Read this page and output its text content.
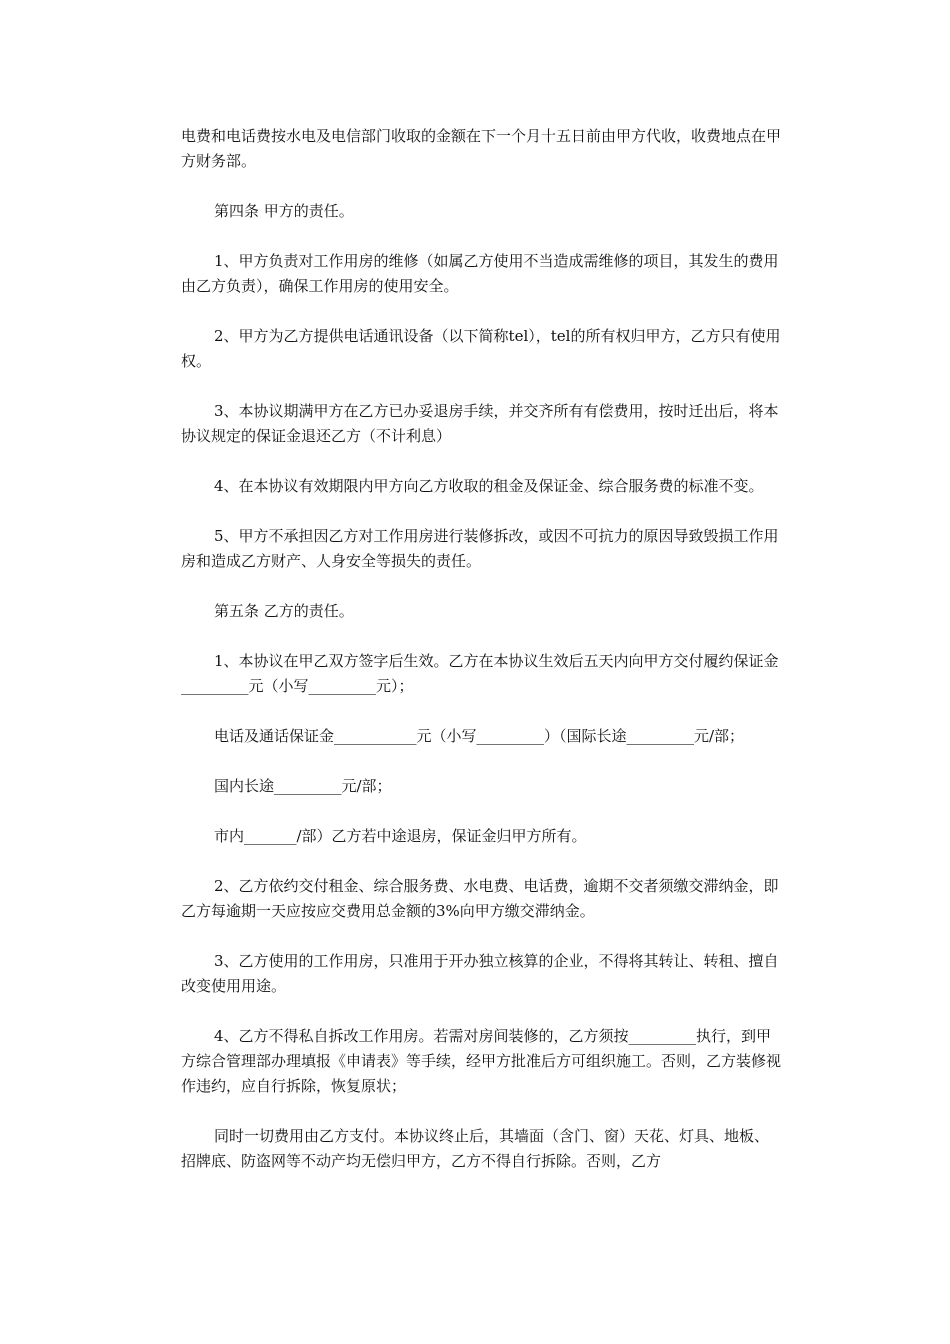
电费和电话费按水电及电信部门收取的金额在下一个月十五日前由甲方代收，收费地点在甲方财务部。

第四条 甲方的责任。

1、甲方负责对工作用房的维修（如属乙方使用不当造成需维修的项目，其发生的费用由乙方负责），确保工作用房的使用安全。

2、甲方为乙方提供电话通讯设备（以下简称tel），tel的所有权归甲方，乙方只有使用权。

3、本协议期满甲方在乙方已办妥退房手续，并交齐所有有偿费用，按时迁出后，将本协议规定的保证金退还乙方（不计利息）

4、在本协议有效期限内甲方向乙方收取的租金及保证金、综合服务费的标准不变。

5、甲方不承担因乙方对工作用房进行装修拆改，或因不可抗力的原因导致毁损工作用房和造成乙方财产、人身安全等损失的责任。

第五条 乙方的责任。

1、本协议在甲乙双方签字后生效。乙方在本协议生效后五天内向甲方交付履约保证金_________元（小写_________元）；

电话及通话保证金___________元（小写_________）（国际长途_________元/部；

国内长途_________元/部；

市内_______/部）乙方若中途退房，保证金归甲方所有。

2、乙方依约交付租金、综合服务费、水电费、电话费，逾期不交者须缴交滞纳金，即乙方每逾期一天应按应交费用总金额的3%向甲方缴交滞纳金。

3、乙方使用的工作用房，只准用于开办独立核算的企业，不得将其转让、转租、擅自改变使用用途。

4、乙方不得私自拆改工作用房。若需对房间装修的，乙方须按_________执行，到甲方综合管理部办理填报《申请表》等手续，经甲方批准后方可组织施工。否则，乙方装修视作违约，应自行拆除，恢复原状；

同时一切费用由乙方支付。本协议终止后，其墙面（含门、窗）天花、灯具、地板、招牌底、防盗网等不动产均无偿归甲方，乙方不得自行拆除。否则，乙方
